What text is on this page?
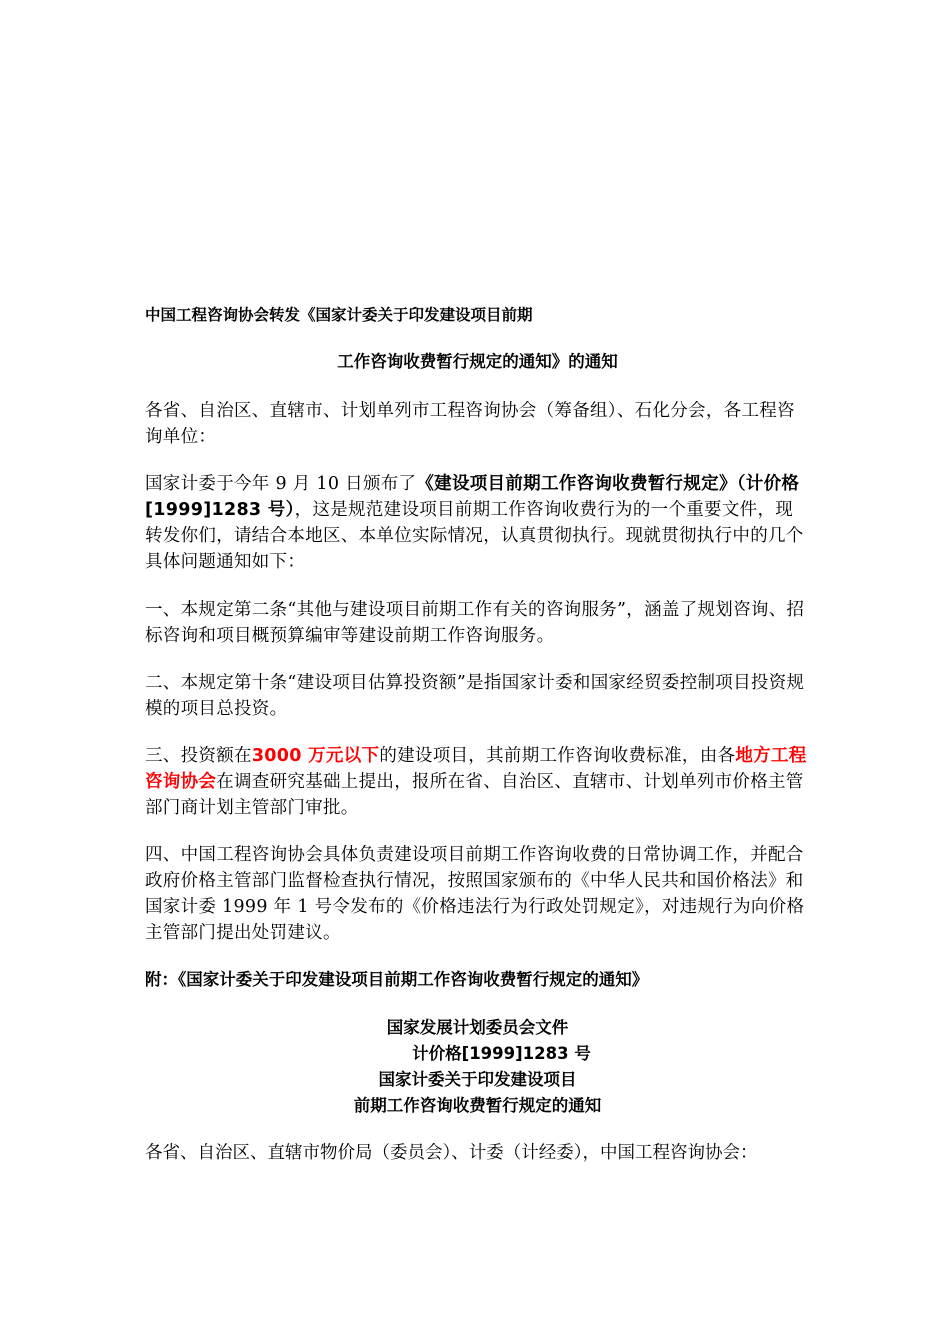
中国工程咨询协会转发《国家计委关于印发建设项目前期
工作咨询收费暂行规定的通知》的通知
各省、自治区、直辖市、计划单列市工程咨询协会（筹备组）、石化分会，各工程咨询单位：
国家计委于今年 9 月 10 日颁布了《建设项目前期工作咨询收费暂行规定》（计价格[1999]1283 号），这是规范建设项目前期工作咨询收费行为的一个重要文件，现转发你们，请结合本地区、本单位实际情况，认真贯彻执行。现就贯彻执行中的几个具体问题通知如下：
一、本规定第二条“其他与建设项目前期工作有关的咨询服务”，涵盖了规划咨询、招标咨询和项目概预算编审等建设前期工作咨询服务。
二、本规定第十条“建设项目估算投资额”是指国家计委和国家经贸委控制项目投资规模的项目总投资。
三、投资额在3000 万元以下的建设项目，其前期工作咨询收费标准，由各地方工程咨询协会在调查研究基础上提出，报所在省、自治区、直辖市、计划单列市价格主管部门商计划主管部门审批。
四、中国工程咨询协会具体负责建设项目前期工作咨询收费的日常协调工作，并配合政府价格主管部门监督检查执行情况，按照国家颁布的《中华人民共和国价格法》和国家计委 1999 年 1 号令发布的《价格违法行为行政处罚规定》，对违规行为向价格主管部门提出处罚建议。
附：《国家计委关于印发建设项目前期工作咨询收费暂行规定的通知》
国家发展计划委员会文件
计价格[1999]1283 号
国家计委关于印发建设项目
前期工作咨询收费暂行规定的通知
各省、自治区、直辖市物价局（委员会）、计委（计经委），中国工程咨询协会：
